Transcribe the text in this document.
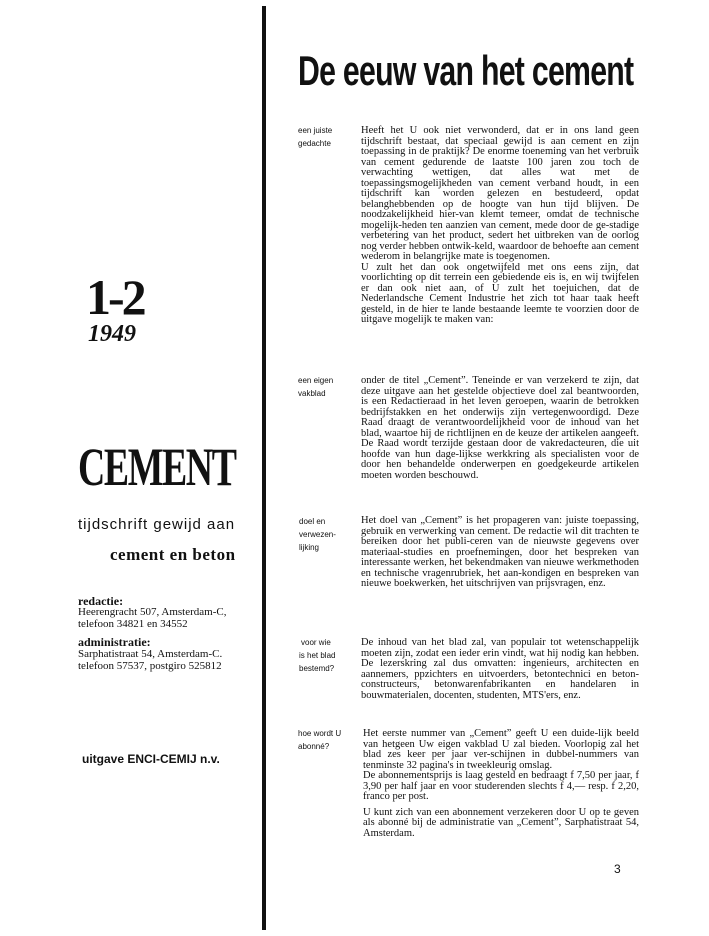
1-2
1949
CEMENT
tijdschrift gewijd aan
cement en beton
redactie:
Heerengracht 507, Amsterdam-C,
telefoon 34821 en 34552
administratie:
Sarphatistraat 54, Amsterdam-C.
telefoon 57537, postgiro 525812
uitgave ENCI-CEMIJ n.v.
De eeuw van het cement
een juiste
gedachte

Heeft het U ook niet verwonderd, dat er in ons land geen tijdschrift bestaat, dat speciaal gewijd is aan cement en zijn toepassing in de praktijk? De enorme toeneming van het verbruik van cement gedurende de laatste 100 jaren zou toch de verwachting wettigen, dat alles wat met de toepassingsmogelijkheden van cement verband houdt, in een tijdschrift kan worden gelezen en bestudeerd, opdat belanghebbenden op de hoogte van hun tijd blijven. De noodzakelijkheid hier-van klemt temeer, omdat de technische mogelijk-heden ten aanzien van cement, mede door de ge-stadige verbetering van het product, sedert het uitbreken van de oorlog nog verder hebben ontwik-keld, waardoor de behoefte aan cement wederom in belangrijke mate is toegenomen.

U zult het dan ook ongetwijfeld met ons eens zijn, dat voorlichting op dit terrein een gebiedende eis is, en wij twijfelen er dan ook niet aan, of U zult het toejuichen, dat de Nederlandsche Cement Industrie het zich tot haar taak heeft gesteld, in de hier te lande bestaande leemte te voorzien door de uitgave mogelijk te maken van:

een eigen
vakblad

onder de titel „Cement”. Teneinde er van verzekerd te zijn, dat deze uitgave aan het gestelde objectieve doel zal beantwoorden, is een Redactieraad in het leven geroepen, waarin de betrokken bedrijfstakken en het onderwijs zijn vertegenwoordigd. Deze Raad draagt de verantwoordelijkheid voor de inhoud van het blad, waartoe hij de richtlijnen en de keuze der artikelen aangeeft. De Raad wordt terzijde gestaan door de vakredacteuren, die uit hoofde van hun dage-lijkse werkkring als specialisten voor de door hen behandelde onderwerpen en goedgekeurde artikelen moeten worden beschouwd.

doel en
verwezen-
lijking

Het doel van „Cement” is het propageren van: juiste toepassing, gebruik en verwerking van cement. De redactie wil dit trachten te bereiken door het publi-ceren van de nieuwste gegevens over materiaal-studies en proefnemingen, door het bespreken van interessante werken, het bekendmaken van nieuwe werkmethoden en technische vragenrubriek, het aan-kondigen en bespreken van nieuwe boekwerken, het uitschrijven van prijsvragen, enz.

voor wie
is het blad
bestemd?

De inhoud van het blad zal, van populair tot wetenschappelijk moeten zijn, zodat een ieder erin vindt, wat hij nodig kan hebben. De lezerskring zal dus omvatten: ingenieurs, architecten en aannemers, ppzichters en uitvoerders, betontechnici en beton-constructeurs, betonwarenfabrikanten en handelaren in bouwmaterialen, docenten, studenten, MTS'ers, enz.

hoe wordt U
abonné?

Het eerste nummer van „Cement” geeft U een duide-lijk beeld van hetgeen Uw eigen vakblad U zal bieden. Voorlopig zal het blad zes keer per jaar ver-schijnen in dubbel-nummers van tenminste 32 pagina's in tweekleurig omslag.

De abonnementsprijs is laag gesteld en bedraagt f 7,50 per jaar, f 3,90 per half jaar en voor studerenden slechts f 4,— resp. f 2,20, franco per post.

U kunt zich van een abonnement verzekeren door U op te geven als abonné bij de administratie van „Cement”, Sarphatistraat 54, Amsterdam.

3
